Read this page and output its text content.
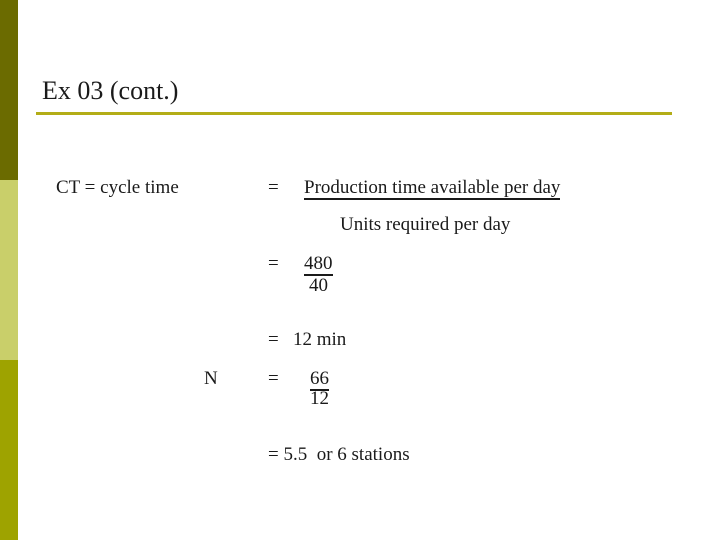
Ex 03 (cont.)
CT = cycle time	= Production time available per day
Units required per day
= 480
40
=   12 min
N	= 66
12
= 5.5  or 6 stations
